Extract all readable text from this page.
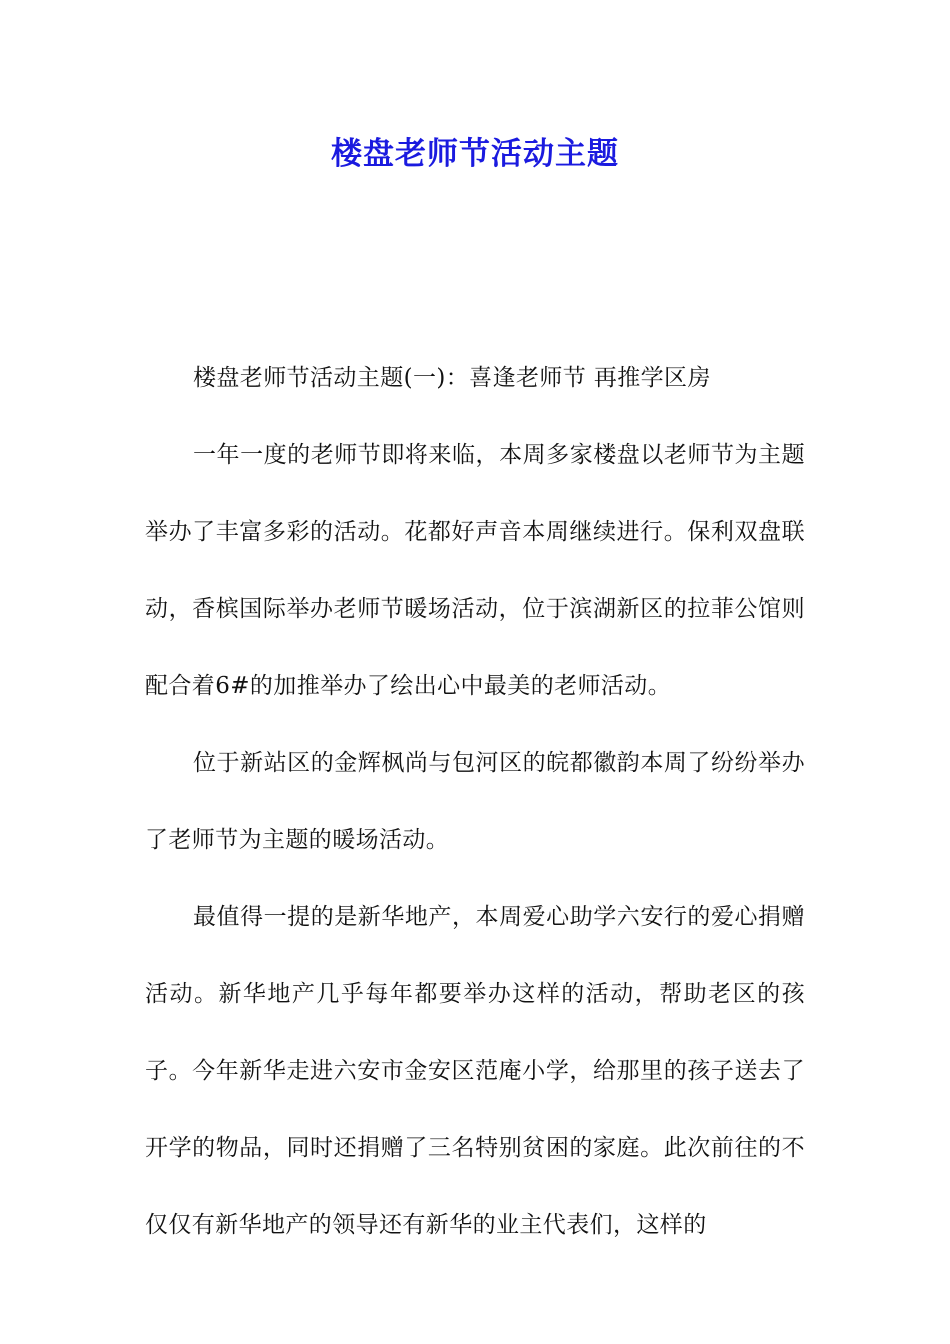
楼盘老师节活动主题

楼盘老师节活动主题(一)：喜逢老师节 再推学区房

一年一度的老师节即将来临，本周多家楼盘以老师节为主题举办了丰富多彩的活动。花都好声音本周继续进行。保利双盘联动，香槟国际举办老师节暖场活动，位于滨湖新区的拉菲公馆则配合着6#的加推举办了绘出心中最美的老师活动。

位于新站区的金辉枫尚与包河区的皖都徽韵本周了纷纷举办了老师节为主题的暖场活动。

最值得一提的是新华地产，本周爱心助学六安行的爱心捐赠活动。新华地产几乎每年都要举办这样的活动，帮助老区的孩子。今年新华走进六安市金安区范庵小学，给那里的孩子送去了开学的物品，同时还捐赠了三名特别贫困的家庭。此次前往的不仅仅有新华地产的领导还有新华的业主代表们，这样的
